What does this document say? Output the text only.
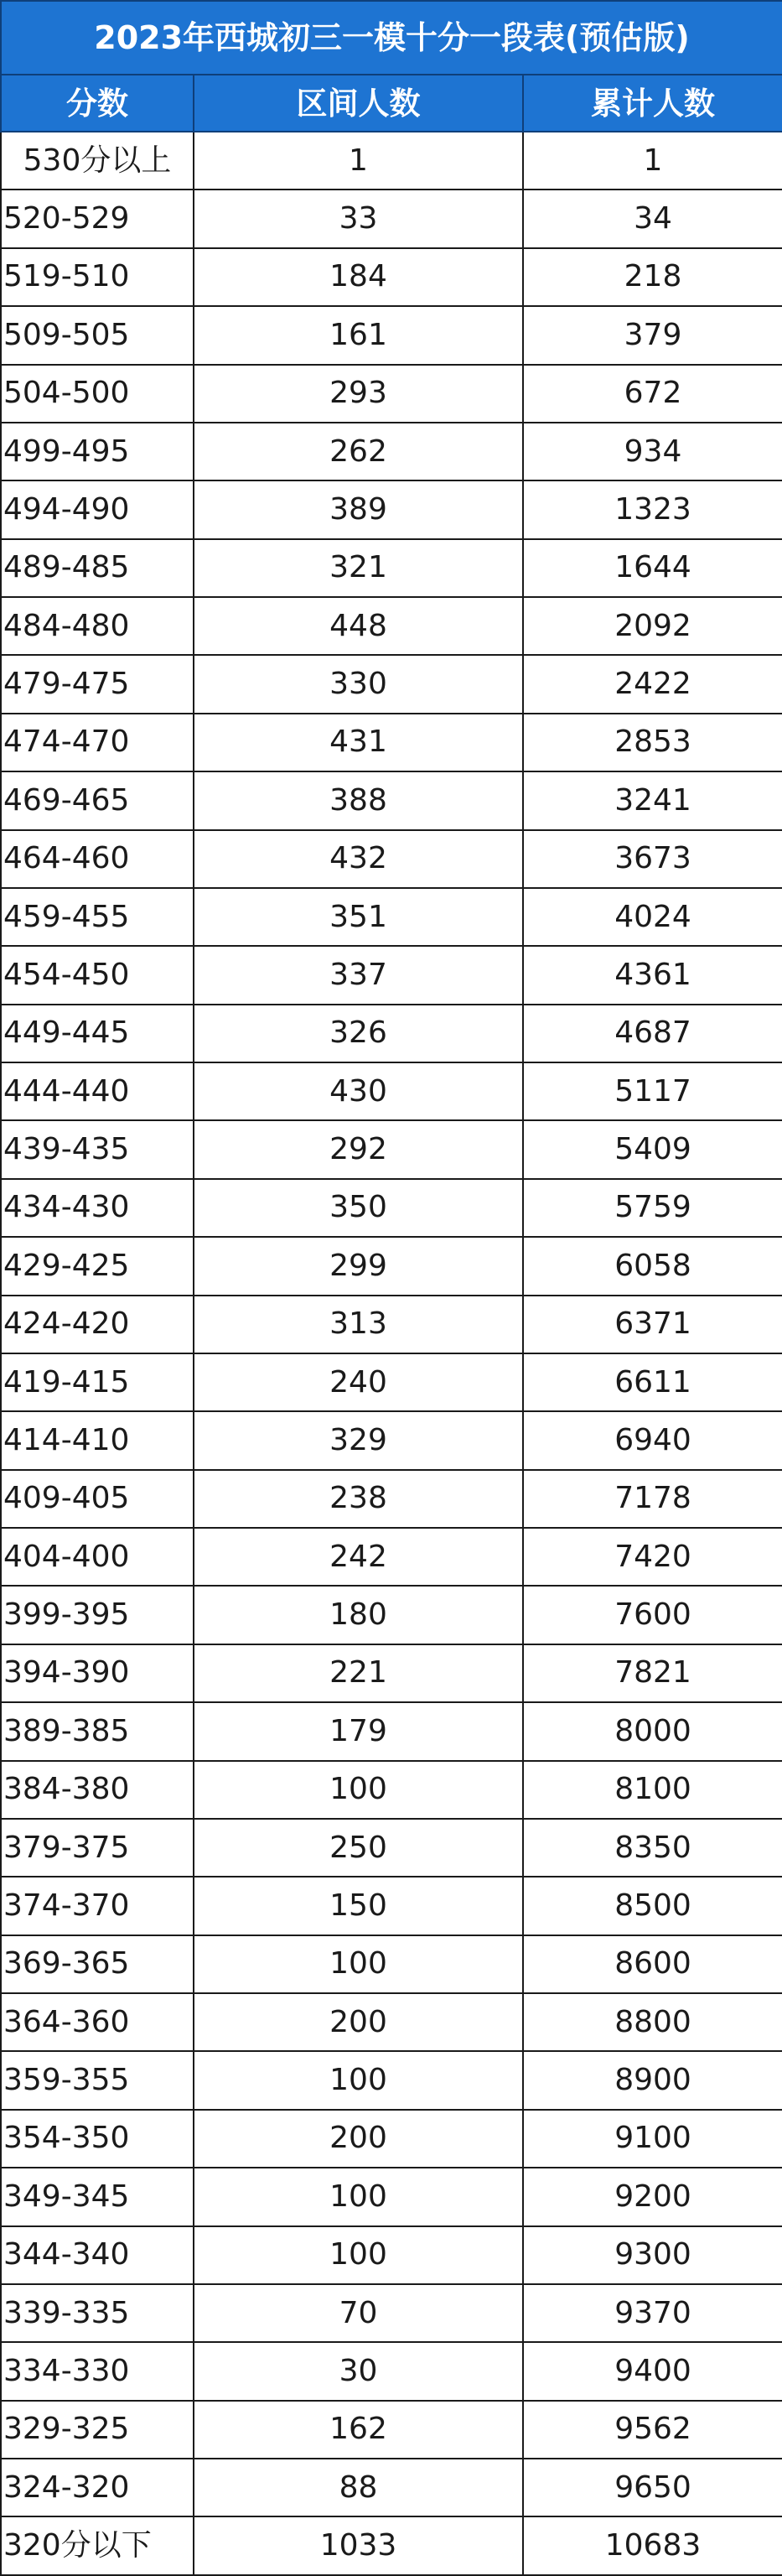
2023年西城初三一模十分一段表(预估版)		
分数	区间人数	累计人数
530分以上	1	1
520-529	33	34
519-510	184	218
509-505	161	379
504-500	293	672
499-495	262	934
494-490	389	1323
489-485	321	1644
484-480	448	2092
479-475	330	2422
474-470	431	2853
469-465	388	3241
464-460	432	3673
459-455	351	4024
454-450	337	4361
449-445	326	4687
444-440	430	5117
439-435	292	5409
434-430	350	5759
429-425	299	6058
424-420	313	6371
419-415	240	6611
414-410	329	6940
409-405	238	7178
404-400	242	7420
399-395	180	7600
394-390	221	7821
389-385	179	8000
384-380	100	8100
379-375	250	8350
374-370	150	8500
369-365	100	8600
364-360	200	8800
359-355	100	8900
354-350	200	9100
349-345	100	9200
344-340	100	9300
339-335	70	9370
334-330	30	9400
329-325	162	9562
324-320	88	9650
320分以下	1033	10683
